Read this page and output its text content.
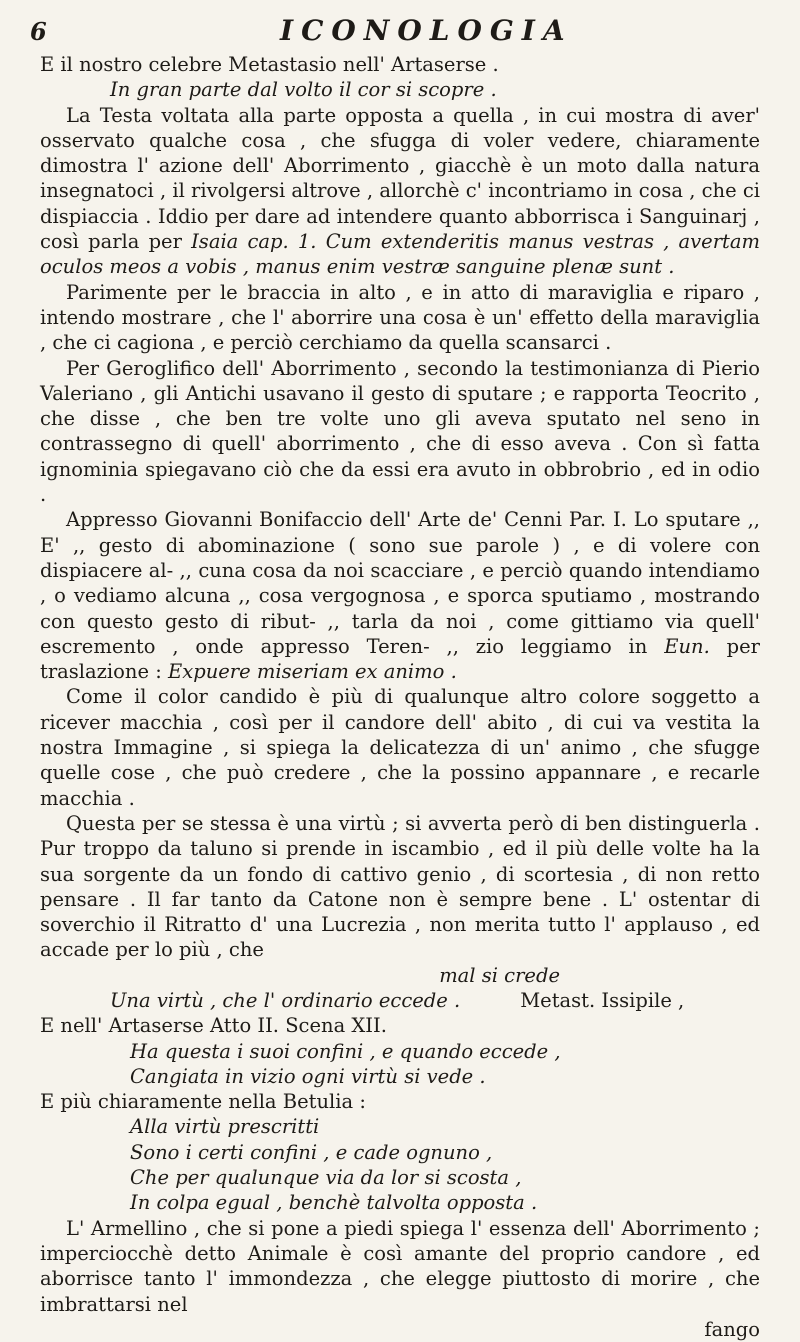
6	ICONOLOGIA

E il nostro celebre Metastasio nell' Artaserse .

In gran parte dal volto il cor si scopre .

La Testa voltata alla parte opposta a quella , in cui mostra di aver' osservato qualche cosa , che sfugga di voler vedere, chiaramente dimostra l' azione dell' Aborrimento , giacchè è un moto dalla natura insegnatoci , il rivolgersi altrove , allorchè c' incontriamo in cosa , che ci dispiaccia . Iddio per dare ad intendere quanto abborrisca i Sanguinarj , così parla per Isaia cap. 1. Cum extenderitis manus vestras , avertam oculos meos a vobis , manus enim vestræ sanguine plenæ sunt .

Parimente per le braccia in alto , e in atto di maraviglia e riparo , intendo mostrare , che l' aborrire una cosa è un' effetto della maraviglia , che ci cagiona , e perciò cerchiamo da quella scansarci .

Per Geroglifico dell' Aborrimento , secondo la testimonianza di Pierio Valeriano , gli Antichi usavano il gesto di sputare ; e rapporta Teocrito , che disse , che ben tre volte uno gli aveva sputato nel seno in contrassegno di quell' aborrimento , che di esso aveva . Con sì fatta ignominia spiegavano ciò che da essi era avuto in obbrobrio , ed in odio .

Appresso Giovanni Bonifaccio dell' Arte de' Cenni Par. I. Lo sputare ,, E' ,, gesto di abominazione ( sono sue parole ) , e di volere con dispiacere al- ,, cuna cosa da noi scacciare , e perciò quando intendiamo , o vediamo alcuna ,, cosa vergognosa , e sporca sputiamo , mostrando con questo gesto di ribut- ,, tarla da noi , come gittiamo via quell' escremento , onde appresso Teren- ,, zio leggiamo in Eun. per traslazione : Expuere miseriam ex animo .

Come il color candido è più di qualunque altro colore soggetto a ricever macchia , così per il candore dell' abito , di cui va vestita la nostra Immagine , si spiega la delicatezza di un' animo , che sfugge quelle cose , che può credere , che la possino appannare , e recarle macchia .

Questa per se stessa è una virtù ; si avverta però di ben distinguerla . Pur troppo da taluno si prende in iscambio , ed il più delle volte ha la sua sorgente da un fondo di cattivo genio , di scortesia , di non retto pensare . Il far tanto da Catone non è sempre bene . L' ostentar di soverchio il Ritratto d' una Lucrezia , non merita tutto l' applauso , ed accade per lo più , che

mal si crede

Una virtù , che l' ordinario eccede .	Metast. Issipile ,

E nell' Artaserse Atto II. Scena XII.

Ha questa i suoi confini , e quando eccede ,

Cangiata in vizio ogni virtù si vede .

E più chiaramente nella Betulia :

Alla virtù prescritti

Sono i certi confini , e cade ognuno ,

Che per qualunque via da lor si scosta ,

In colpa egual , benchè talvolta opposta .

L' Armellino , che si pone a piedi spiega l' essenza dell' Aborrimento ; imperciocchè detto Animale è così amante del proprio candore , ed aborrisce tanto l' immondezza , che elegge piuttosto di morire , che imbrattarsi nel

fango
